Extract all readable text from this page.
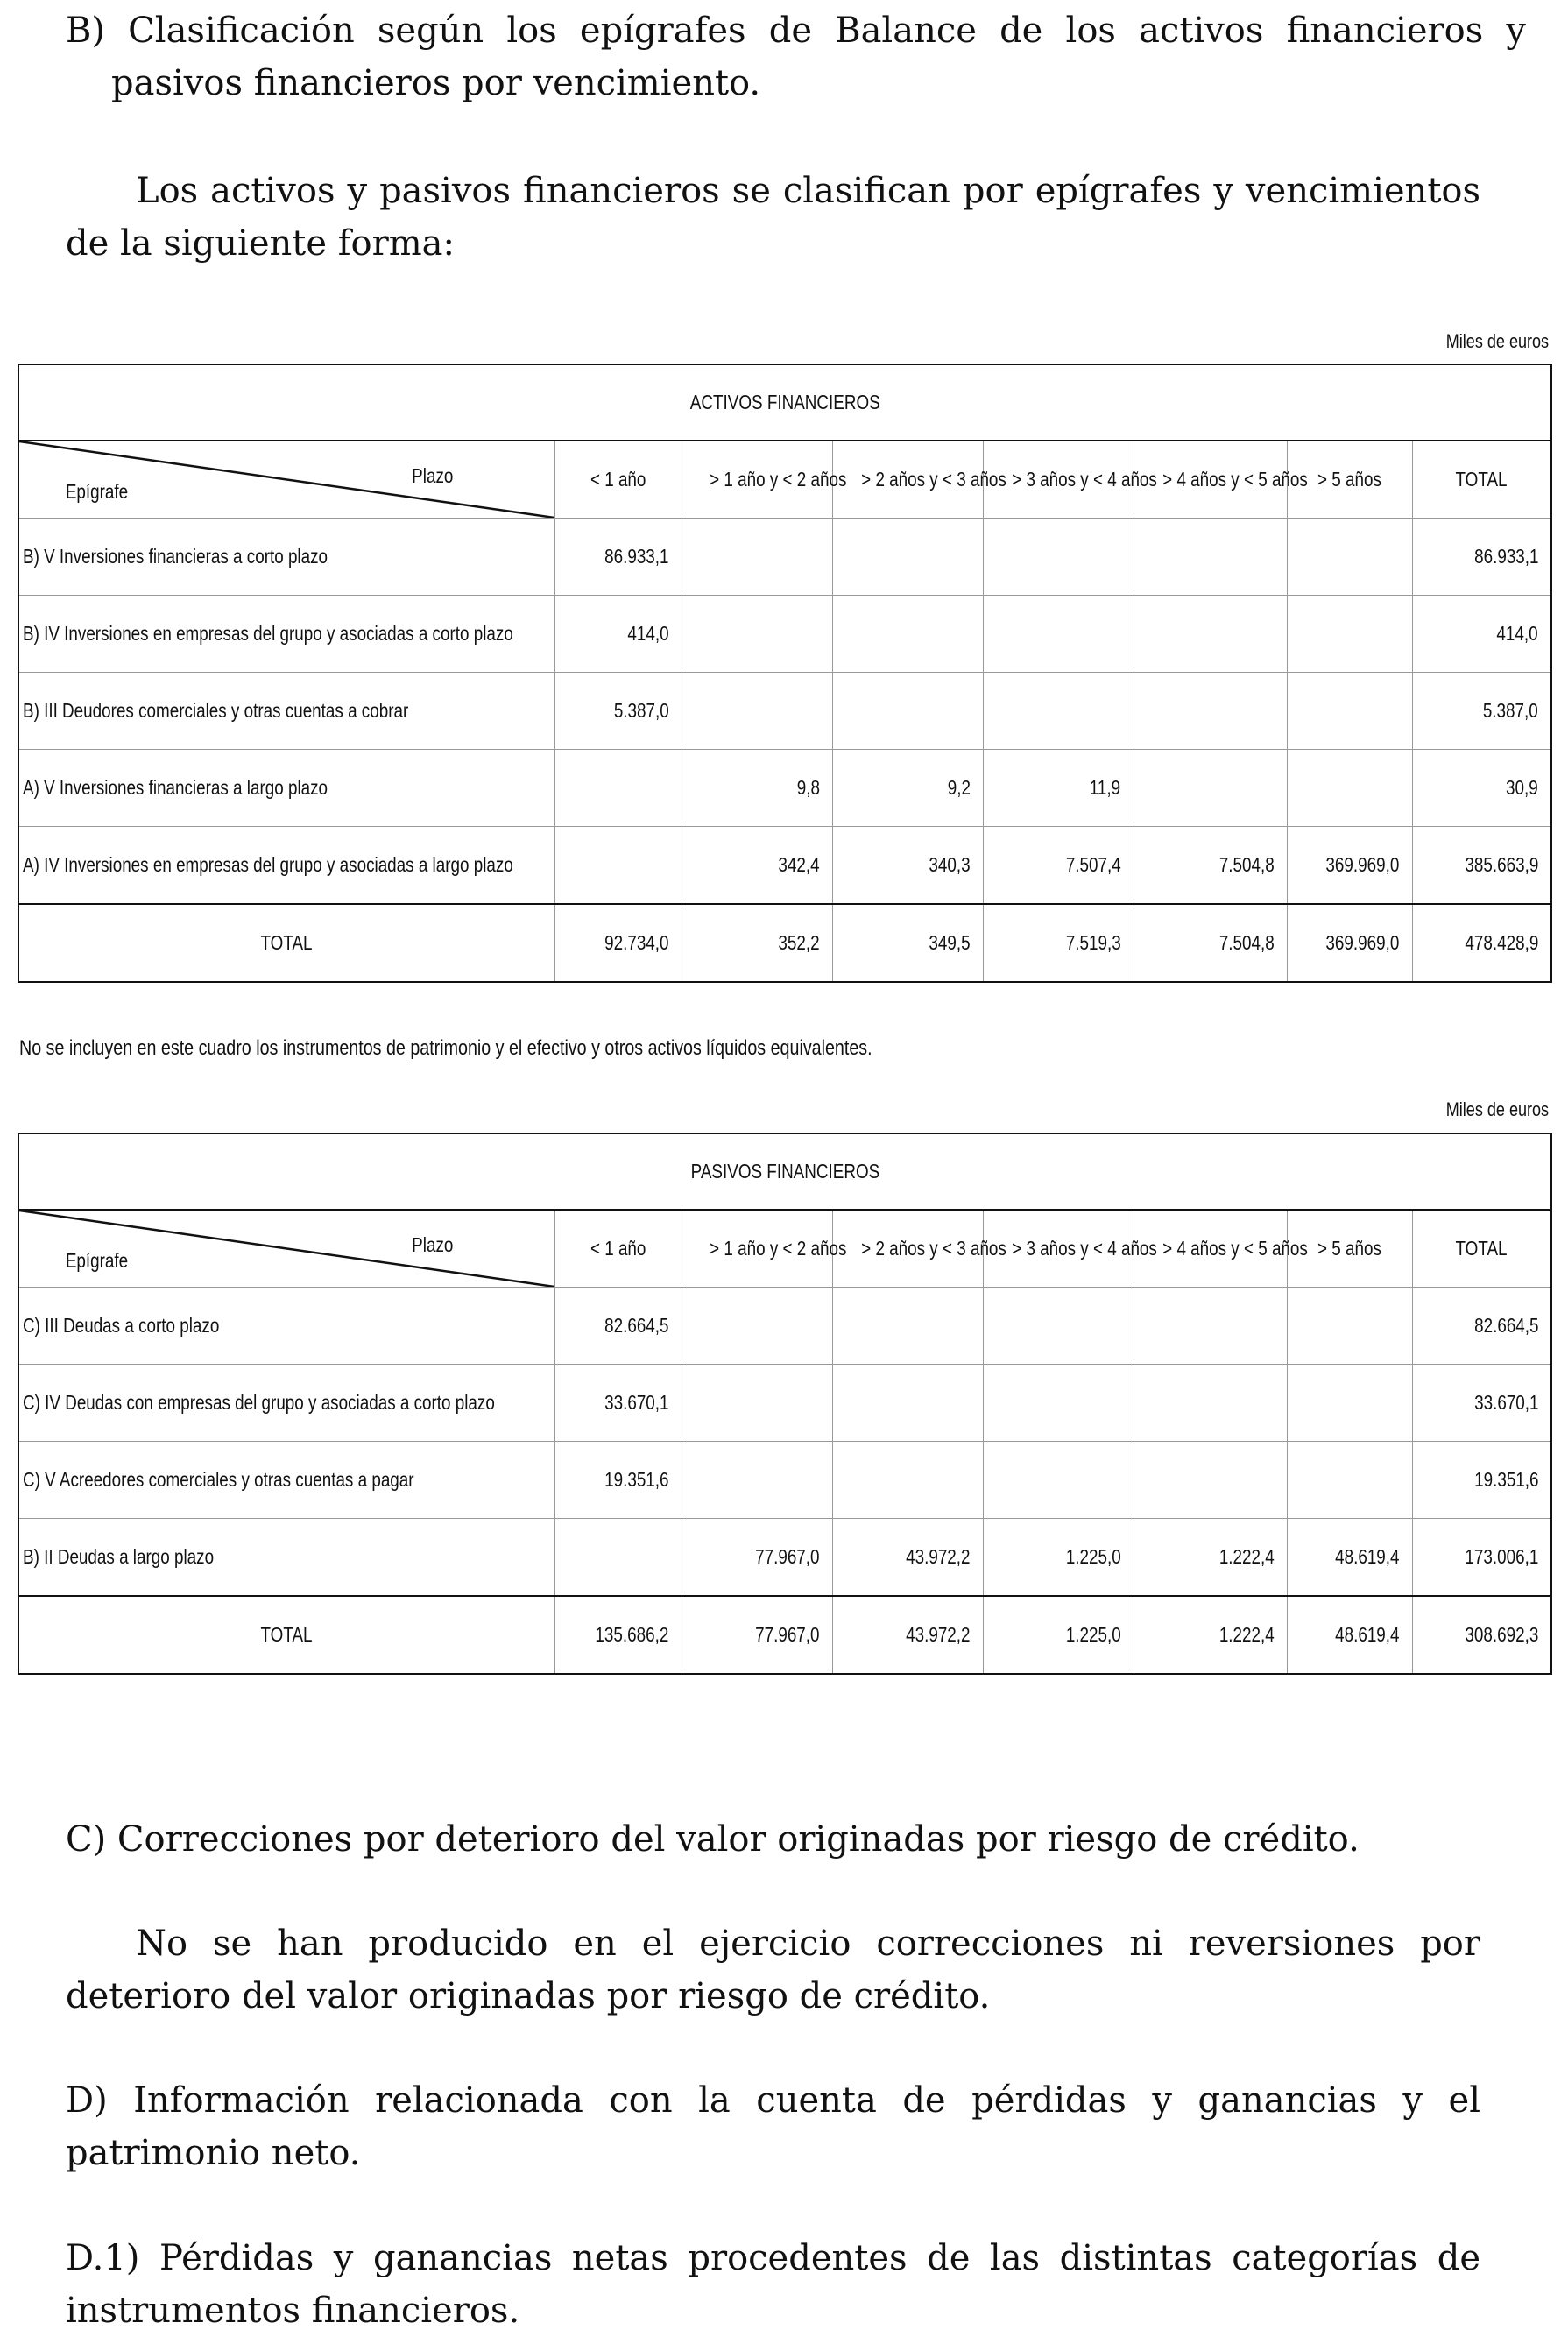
B) Clasificación según los epígrafes de Balance de los activos financieros y pasivos financieros por vencimiento.
Los activos y pasivos financieros se clasifican por epígrafes y vencimientos de la siguiente forma:
Miles de euros
ACTIVOS FINANCIEROS							

Plazo
Epígrafe	< 1 año	> 1 año y < 2 años	> 2 años y < 3 años	> 3 años y < 4 años	> 4 años y < 5 años	> 5 años	TOTAL
B) V Inversiones financieras a corto plazo	86.933,1						86.933,1
B) IV Inversiones en empresas del grupo y asociadas a corto plazo	414,0						414,0
B) III Deudores comerciales y otras cuentas a cobrar	5.387,0						5.387,0
A) V Inversiones financieras a largo plazo		9,8	9,2	11,9			30,9
A) IV Inversiones en empresas del grupo y asociadas a largo plazo		342,4	340,3	7.507,4	7.504,8	369.969,0	385.663,9
TOTAL	92.734,0	352,2	349,5	7.519,3	7.504,8	369.969,0	478.428,9
No se incluyen en este cuadro los instrumentos de patrimonio y el efectivo y otros activos líquidos equivalentes.
Miles de euros
PASIVOS FINANCIEROS							

Plazo
Epígrafe	< 1 año	> 1 año y < 2 años	> 2 años y < 3 años	> 3 años y < 4 años	> 4 años y < 5 años	> 5 años	TOTAL
C) III Deudas a corto plazo	82.664,5						82.664,5
C) IV Deudas con empresas del grupo y asociadas a corto plazo	33.670,1						33.670,1
C) V Acreedores comerciales y otras cuentas a pagar	19.351,6						19.351,6
B) II Deudas a largo plazo		77.967,0	43.972,2	1.225,0	1.222,4	48.619,4	173.006,1
TOTAL	135.686,2	77.967,0	43.972,2	1.225,0	1.222,4	48.619,4	308.692,3
C) Correcciones por deterioro del valor originadas por riesgo de crédito.
No se han producido en el ejercicio correcciones ni reversiones por deterioro del valor originadas por riesgo de crédito.
D) Información relacionada con la cuenta de pérdidas y ganancias y el patrimonio neto.
D.1) Pérdidas y ganancias netas procedentes de las distintas categorías de instrumentos financieros.
